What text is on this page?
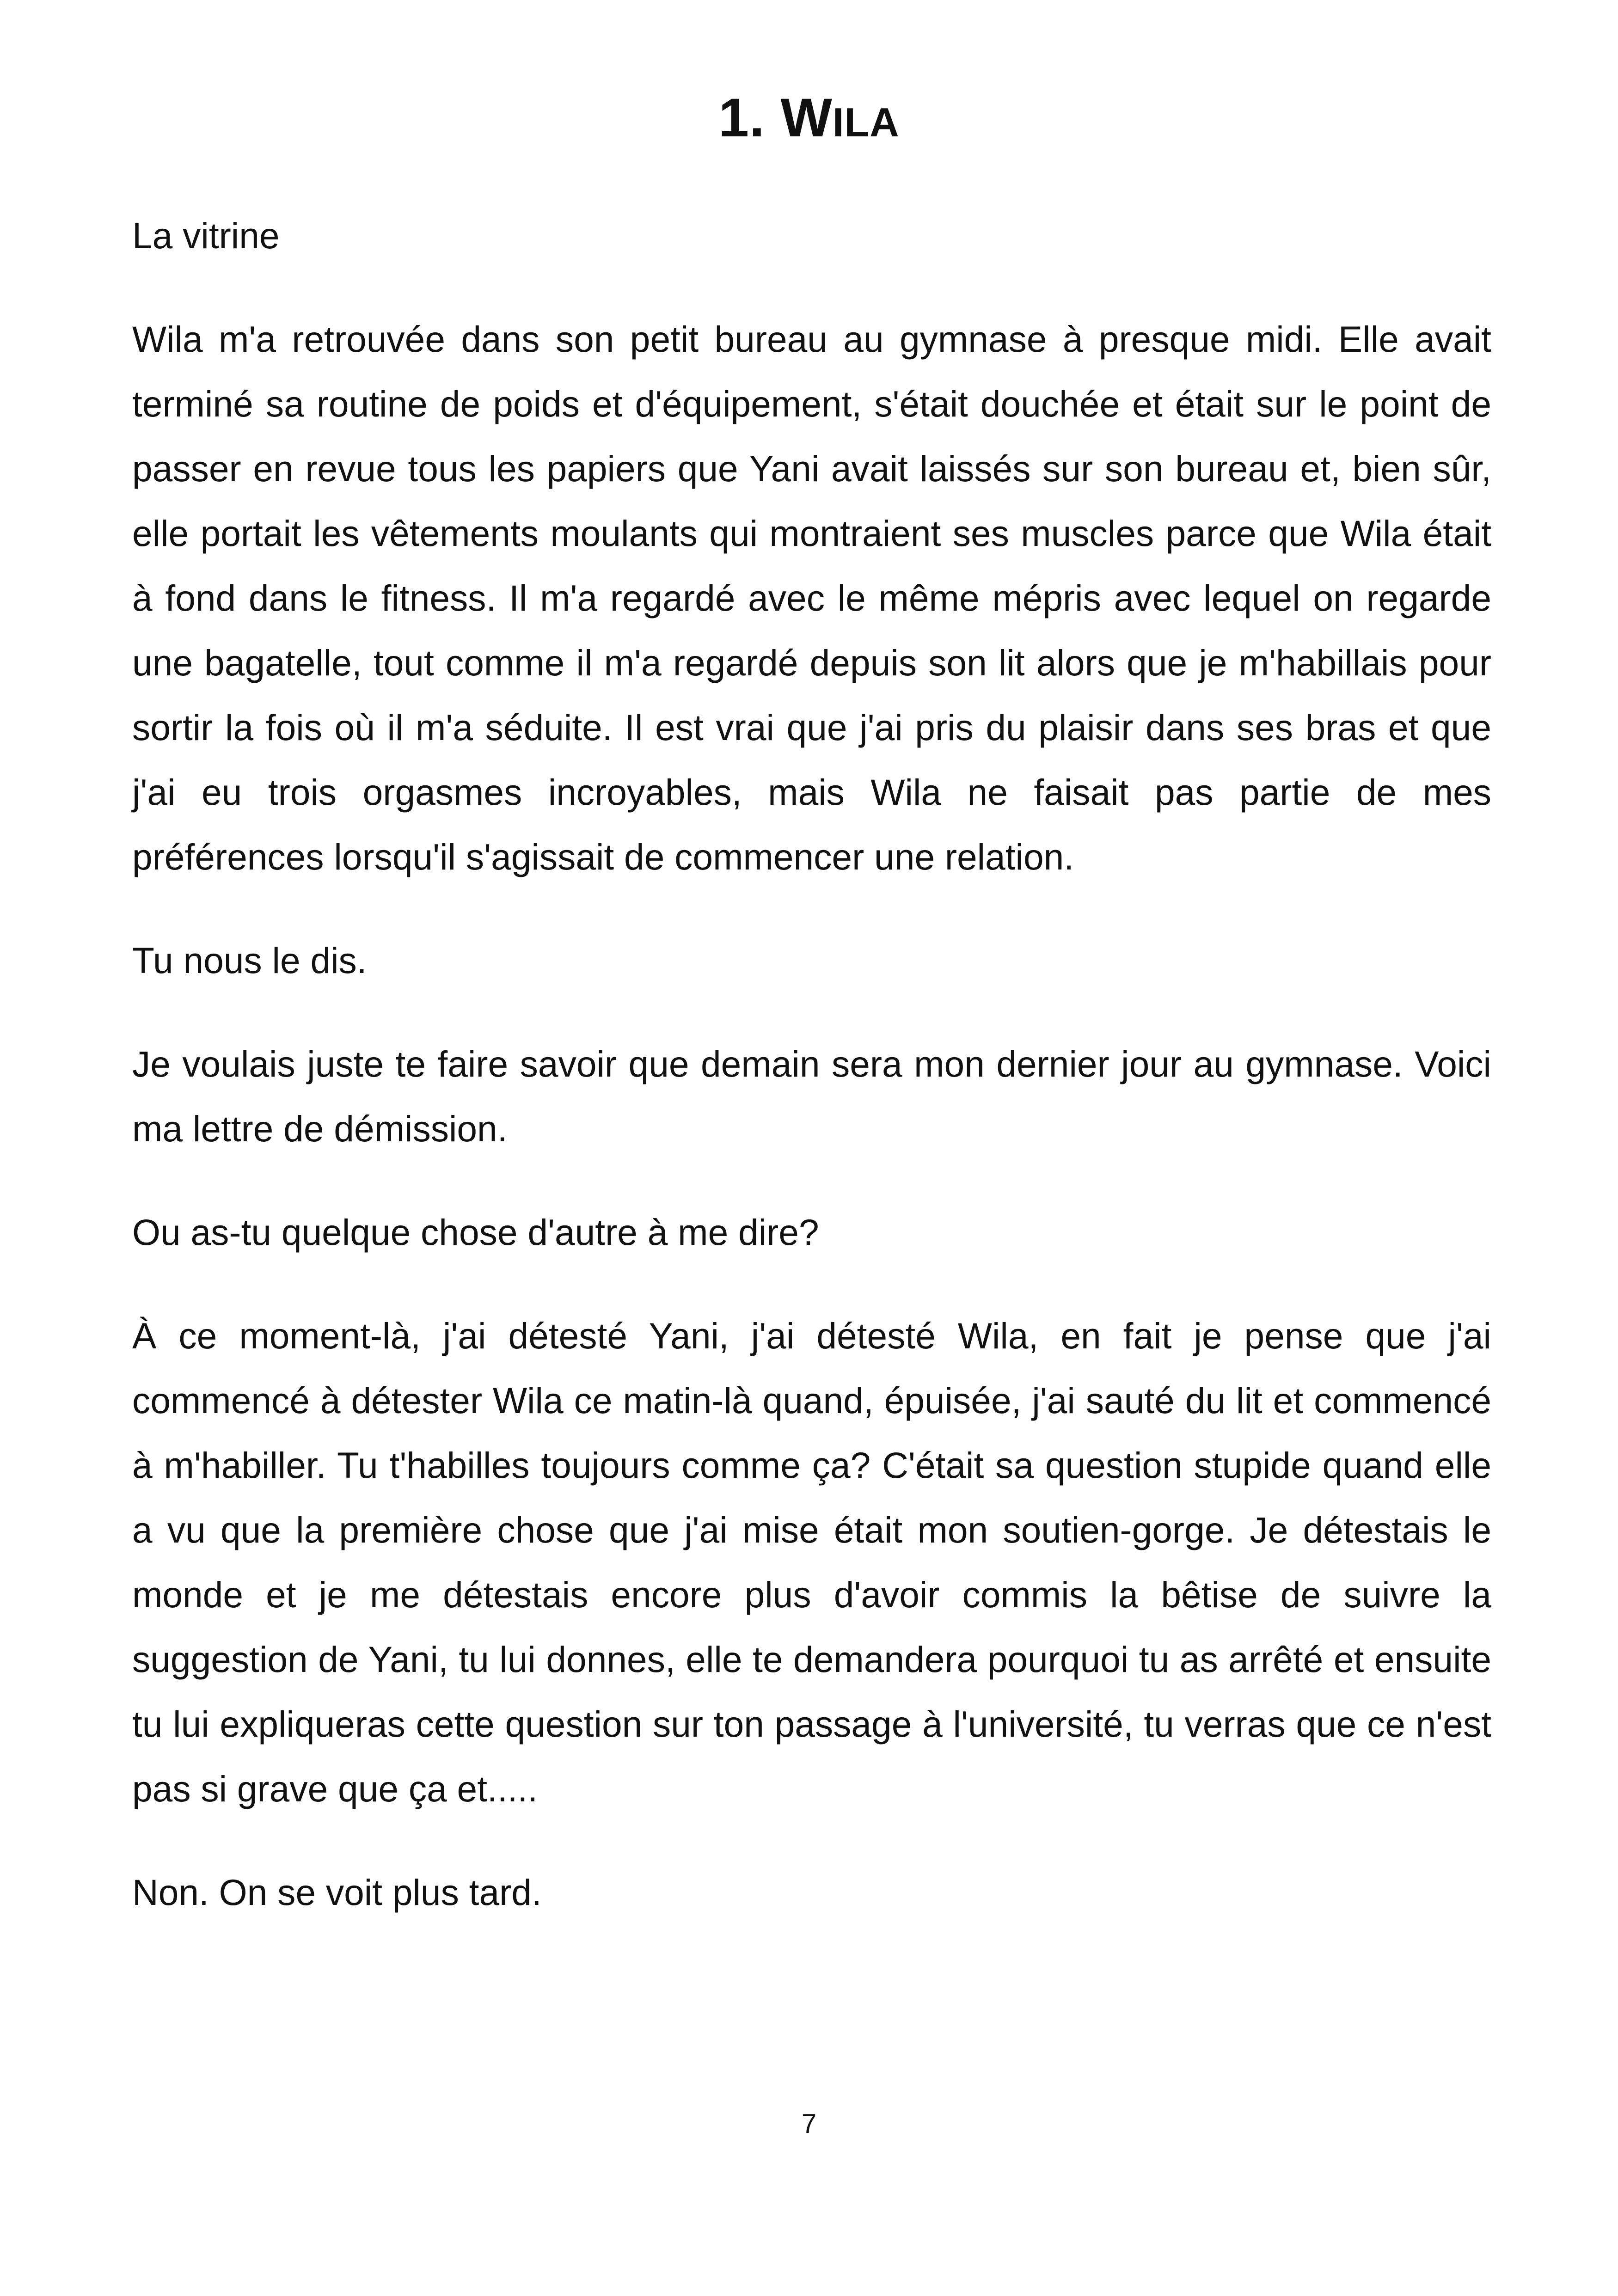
1. WILA

La vitrine

Wila m'a retrouvée dans son petit bureau au gymnase à presque midi. Elle avait terminé sa routine de poids et d'équipement, s'était douchée et était sur le point de passer en revue tous les papiers que Yani avait laissés sur son bureau et, bien sûr, elle portait les vêtements moulants qui montraient ses muscles parce que Wila était à fond dans le fitness. Il m'a regardé avec le même mépris avec lequel on regarde une bagatelle, tout comme il m'a regardé depuis son lit alors que je m'habillais pour sortir la fois où il m'a séduite. Il est vrai que j'ai pris du plaisir dans ses bras et que j'ai eu trois orgasmes incroyables, mais Wila ne faisait pas partie de mes préférences lorsqu'il s'agissait de commencer une relation.

Tu nous le dis.

Je voulais juste te faire savoir que demain sera mon dernier jour au gymnase. Voici ma lettre de démission.

Ou as-tu quelque chose d'autre à me dire?

À ce moment-là, j'ai détesté Yani, j'ai détesté Wila, en fait je pense que j'ai commencé à détester Wila ce matin-là quand, épuisée, j'ai sauté du lit et commencé à m'habiller. Tu t'habilles toujours comme ça? C'était sa question stupide quand elle a vu que la première chose que j'ai mise était mon soutien-gorge. Je détestais le monde et je me détestais encore plus d'avoir commis la bêtise de suivre la suggestion de Yani, tu lui donnes, elle te demandera pourquoi tu as arrêté et ensuite tu lui expliqueras cette question sur ton passage à l'université, tu verras que ce n'est pas si grave que ça et.....

Non. On se voit plus tard.

7
